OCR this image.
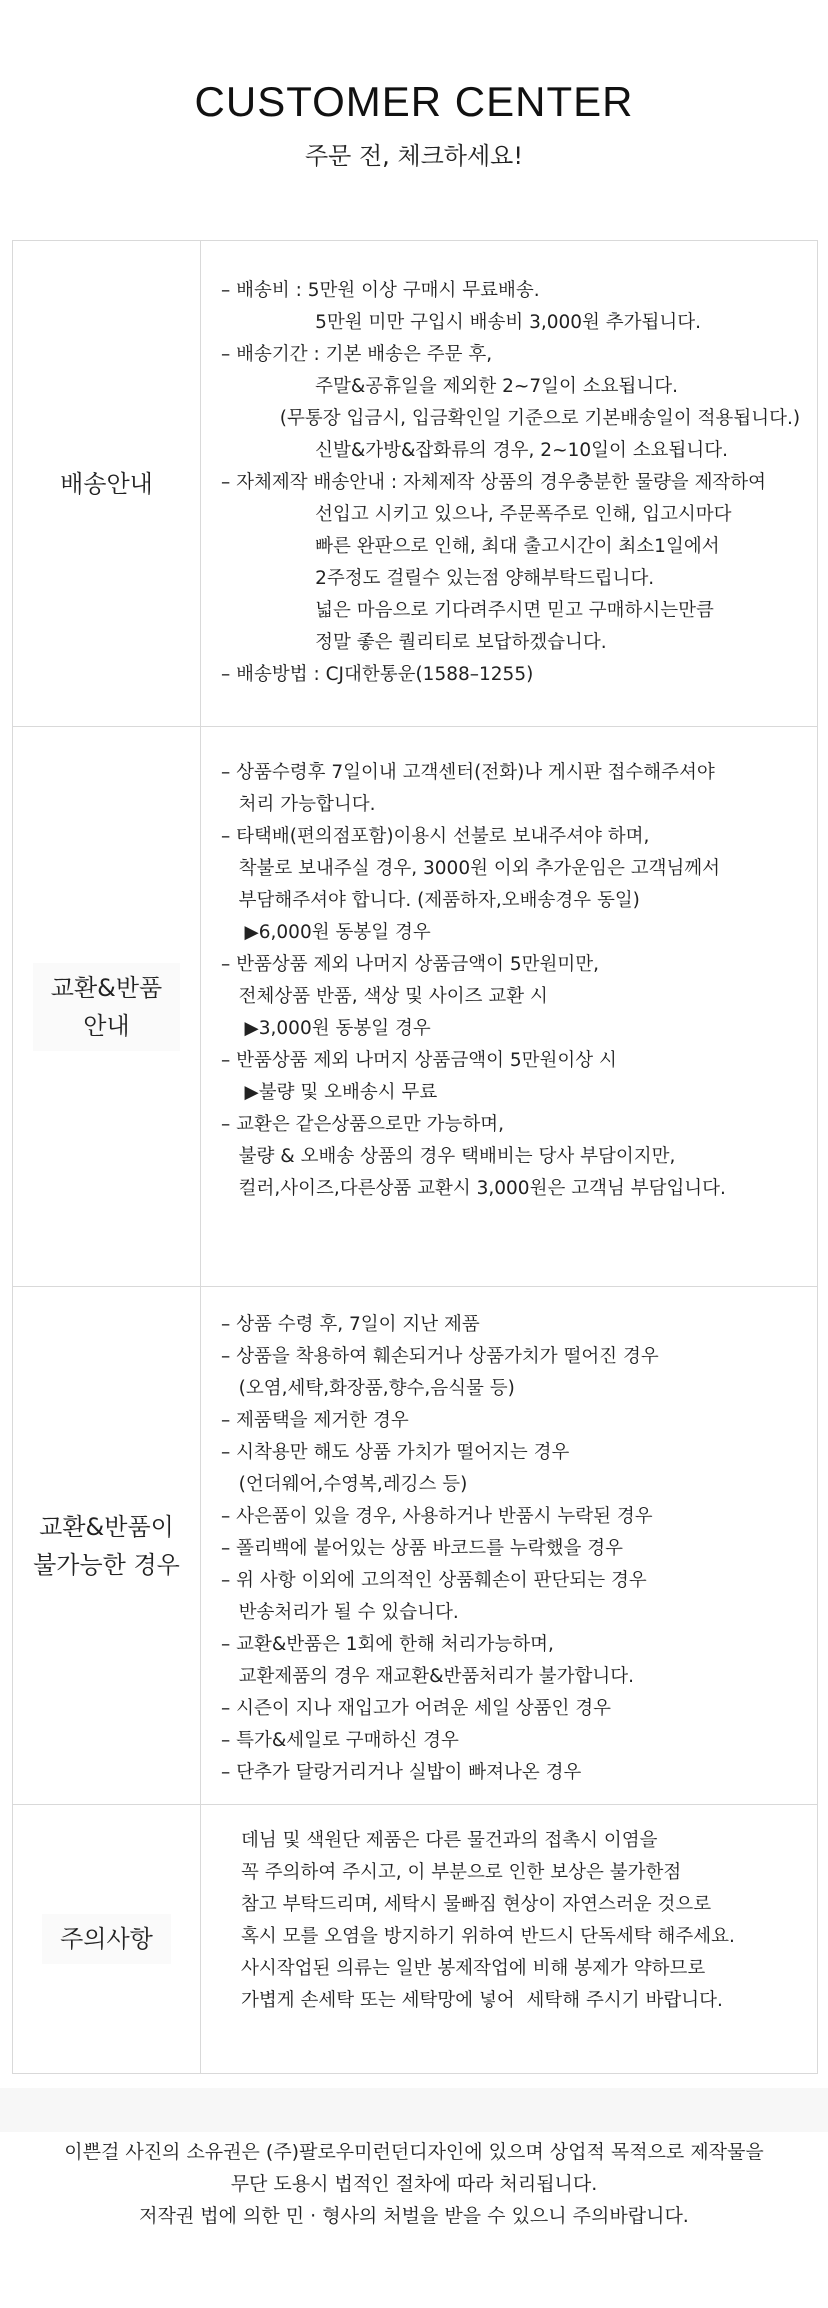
CUSTOMER CENTER
주문 전, 체크하세요!
배송안내
– 배송비 : 5만원 이상 구매시 무료배송.
5만원 미만 구입시 배송비 3,000원 추가됩니다.
– 배송기간 : 기본 배송은 주문 후,
주말&공휴일을 제외한 2~7일이 소요됩니다.
(무통장 입금시, 입금확인일 기준으로 기본배송일이 적용됩니다.)
신발&가방&잡화류의 경우, 2~10일이 소요됩니다.
– 자체제작 배송안내 : 자체제작 상품의 경우충분한 물량을 제작하여
선입고 시키고 있으나, 주문폭주로 인해, 입고시마다
빠른 완판으로 인해, 최대 출고시간이 최소1일에서
2주정도 걸릴수 있는점 양해부탁드립니다.
넓은 마음으로 기다려주시면 믿고 구매하시는만큼
정말 좋은 퀄리티로 보답하겠습니다.
– 배송방법 : CJ대한통운(1588–1255)
교환&반품
안내
– 상품수령후 7일이내 고객센터(전화)나 게시판 접수해주셔야
처리 가능합니다.
– 타택배(편의점포함)이용시 선불로 보내주셔야 하며,
착불로 보내주실 경우, 3000원 이외 추가운임은 고객님께서
부담해주셔야 합니다. (제품하자,오배송경우 동일)
▶6,000원 동봉일 경우
– 반품상품 제외 나머지 상품금액이 5만원미만,
전체상품 반품, 색상 및 사이즈 교환 시
▶3,000원 동봉일 경우
– 반품상품 제외 나머지 상품금액이 5만원이상 시
▶불량 및 오배송시 무료
– 교환은 같은상품으로만 가능하며,
불량 & 오배송 상품의 경우 택배비는 당사 부담이지만,
컬러,사이즈,다른상품 교환시 3,000원은 고객님 부담입니다.
교환&반품이
불가능한 경우
– 상품 수령 후, 7일이 지난 제품
– 상품을 착용하여 훼손되거나 상품가치가 떨어진 경우
(오염,세탁,화장품,향수,음식물 등)
– 제품택을 제거한 경우
– 시착용만 해도 상품 가치가 떨어지는 경우
(언더웨어,수영복,레깅스 등)
– 사은품이 있을 경우, 사용하거나 반품시 누락된 경우
– 폴리백에 붙어있는 상품 바코드를 누락했을 경우
– 위 사항 이외에 고의적인 상품훼손이 판단되는 경우
반송처리가 될 수 있습니다.
– 교환&반품은 1회에 한해 처리가능하며,
교환제품의 경우 재교환&반품처리가 불가합니다.
– 시즌이 지나 재입고가 어려운 세일 상품인 경우
– 특가&세일로 구매하신 경우
– 단추가 달랑거리거나 실밥이 빠져나온 경우
주의사항
데님 및 색원단 제품은 다른 물건과의 접촉시 이염을
꼭 주의하여 주시고, 이 부분으로 인한 보상은 불가한점
참고 부탁드리며, 세탁시 물빠짐 현상이 자연스러운 것으로
혹시 모를 오염을 방지하기 위하여 반드시 단독세탁 해주세요.
사시작업된 의류는 일반 봉제작업에 비해 봉제가 약하므로
가볍게 손세탁 또는 세탁망에 넣어  세탁해 주시기 바랍니다.
이쁜걸 사진의 소유권은 (주)팔로우미런던디자인에 있으며 상업적 목적으로 제작물을
무단 도용시 법적인 절차에 따라 처리됩니다.
저작권 법에 의한 민 · 형사의 처벌을 받을 수 있으니 주의바랍니다.
